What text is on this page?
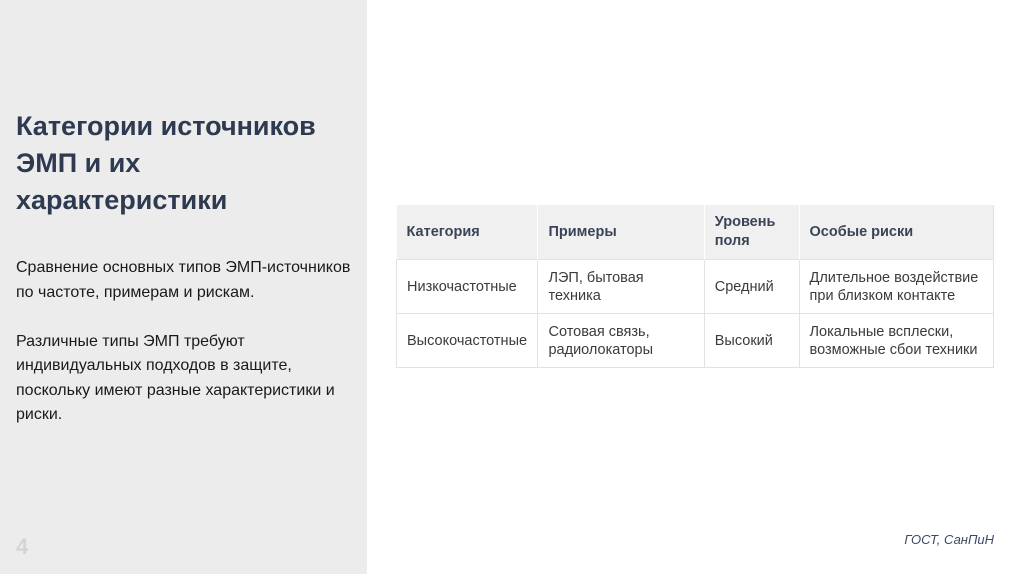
Категории источников ЭМП и их характеристики

Сравнение основных типов ЭМП-источников по частоте, примерам и рискам.

Различные типы ЭМП требуют индивидуальных подходов в защите, поскольку имеют разные характеристики и риски.

4
Категория	Примеры	Уровень поля	Особые риски
Низкочастотные	ЛЭП, бытовая техника	Средний	Длительное воздействие при близком контакте
Высокочастотные	Сотовая связь, радиолокаторы	Высокий	Локальные всплески, возможные сбои техники
ГОСТ, СанПиН
